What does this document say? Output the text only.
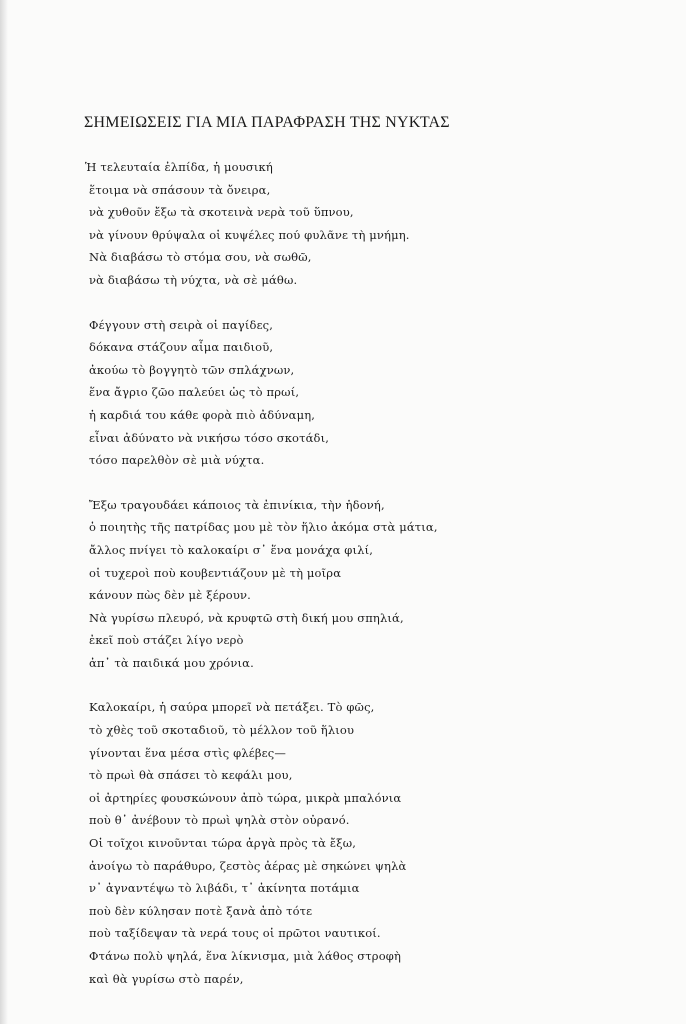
ΣΗΜΕΙΩΣΕΙΣ ΓΙΑ ΜΙΑ ΠΑΡΑΦΡΑΣΗ ΤΗΣ ΝΥΚΤΑΣ
Ἡ τελευταία ἐλπίδα, ἡ μουσική
ἕτοιμα νὰ σπάσουν τὰ ὄνειρα,
νὰ χυθοῦν ἔξω τὰ σκοτεινὰ νερὰ τοῦ ὕπνου,
νὰ γίνουν θρύψαλα οἱ κυψέλες πού φυλᾶνε τὴ μνήμη.
Νὰ διαβάσω τὸ στόμα σου, νὰ σωθῶ,
νὰ διαβάσω τὴ νύχτα, νὰ σὲ μάθω.
Φέγγουν στὴ σειρὰ οἱ παγίδες,
δόκανα στάζουν αἷμα παιδιοῦ,
ἀκούω τὸ βογγητὸ τῶν σπλάχνων,
ἕνα ἄγριο ζῶο παλεύει ὡς τὸ πρωί,
ἡ καρδιά του κάθε φορὰ πιὸ ἀδύναμη,
εἶναι ἀδύνατο νὰ νικήσω τόσο σκοτάδι,
τόσο παρελθὸν σὲ μιὰ νύχτα.
Ἔξω τραγουδάει κάποιος τὰ ἐπινίκια, τὴν ἡδονή,
ὁ ποιητὴς τῆς πατρίδας μου μὲ τὸν ἥλιο ἀκόμα στὰ μάτια,
ἄλλος πνίγει τὸ καλοκαίρι σ᾿ ἕνα μονάχα φιλί,
οἱ τυχεροὶ ποὺ κουβεντιάζουν μὲ τὴ μοῖρα
κάνουν πὼς δὲν μὲ ξέρουν.
Νὰ γυρίσω πλευρό, νὰ κρυφτῶ στὴ δική μου σπηλιά,
ἐκεῖ ποὺ στάζει λίγο νερὸ
ἀπ᾿ τὰ παιδικά μου χρόνια.
Καλοκαίρι, ἡ σαύρα μπορεῖ νὰ πετάξει. Τὸ φῶς,
τὸ χθὲς τοῦ σκοταδιοῦ, τὸ μέλλον τοῦ ἥλιου
γίνονται ἕνα μέσα στὶς φλέβες—
τὸ πρωὶ θὰ σπάσει τὸ κεφάλι μου,
οἱ ἀρτηρίες φουσκώνουν ἀπὸ τώρα, μικρὰ μπαλόνια
ποὺ θ᾿ ἀνέβουν τὸ πρωὶ ψηλὰ στὸν οὐρανό.
Οἱ τοῖχοι κινοῦνται τώρα ἀργὰ πρὸς τὰ ἔξω,
ἀνοίγω τὸ παράθυρο, ζεστὸς ἀέρας μὲ σηκώνει ψηλὰ
ν᾿ ἀγναντέψω τὸ λιβάδι, τ᾿ ἀκίνητα ποτάμια
ποὺ δὲν κύλησαν ποτὲ ξανὰ ἀπὸ τότε
ποὺ ταξίδεψαν τὰ νερά τους οἱ πρῶτοι ναυτικοί.
Φτάνω πολὺ ψηλά, ἕνα λίκνισμα, μιὰ λάθος στροφὴ
καὶ θὰ γυρίσω στὸ παρέν,
